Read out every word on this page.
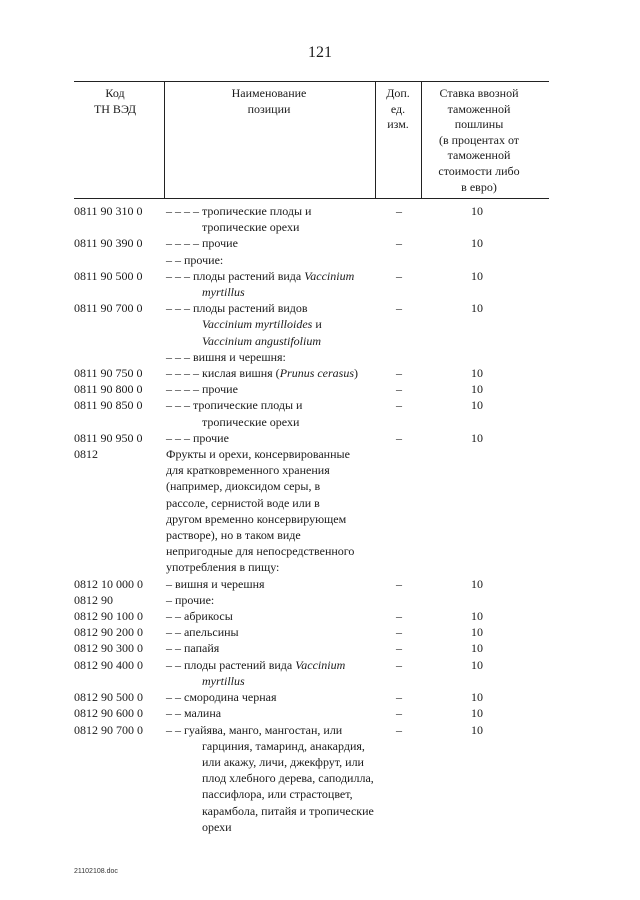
121
Код
ТН ВЭД
Наименование
позиции
Доп.
ед.
изм.
Ставка ввозной
таможенной
пошлины
(в процентах от
таможенной
стоимости либо
в евро)
0811 90 310 0	– – – – тропические плоды и
тропические орехи
–	10
0811 90 390 0	– – – – прочие	–	10
– – прочие:
0811 90 500 0	– – – плоды растений вида Vaccinium
myrtillus
–	10
0811 90 700 0	– – – плоды растений видов
Vaccinium myrtilloides и
Vaccinium angustifolium
–	10
– – – вишня и черешня:
0811 90 750 0	– – – – кислая вишня (Prunus cerasus)	–	10
0811 90 800 0	– – – – прочие	–	10
0811 90 850 0	– – – тропические плоды и
тропические орехи
–	10
0811 90 950 0	– – – прочие	–	10
0812	Фрукты и орехи, консервированные
для кратковременного хранения
(например, диоксидом серы, в
рассоле, сернистой воде или в
другом временно консервирующем
растворе), но в таком виде
непригодные для непосредственного
употребления в пищу:
0812 10 000 0	– вишня и черешня	–	10
0812 90	– прочие:
0812 90 100 0	– – абрикосы	–	10
0812 90 200 0	– – апельсины	–	10
0812 90 300 0	– – папайя	–	10
0812 90 400 0	– – плоды растений вида Vaccinium
myrtillus
–	10
0812 90 500 0	– – смородина черная	–	10
0812 90 600 0	– – малина	–	10
0812 90 700 0	– – гуайява, манго, мангостан, или
гарциния, тамаринд, анакардия,
или акажу, личи, джекфрут, или
плод хлебного дерева, саподилла,
пассифлора, или страстоцвет,
карамбола, питайя и тропические
орехи
–	10
21102108.doc
